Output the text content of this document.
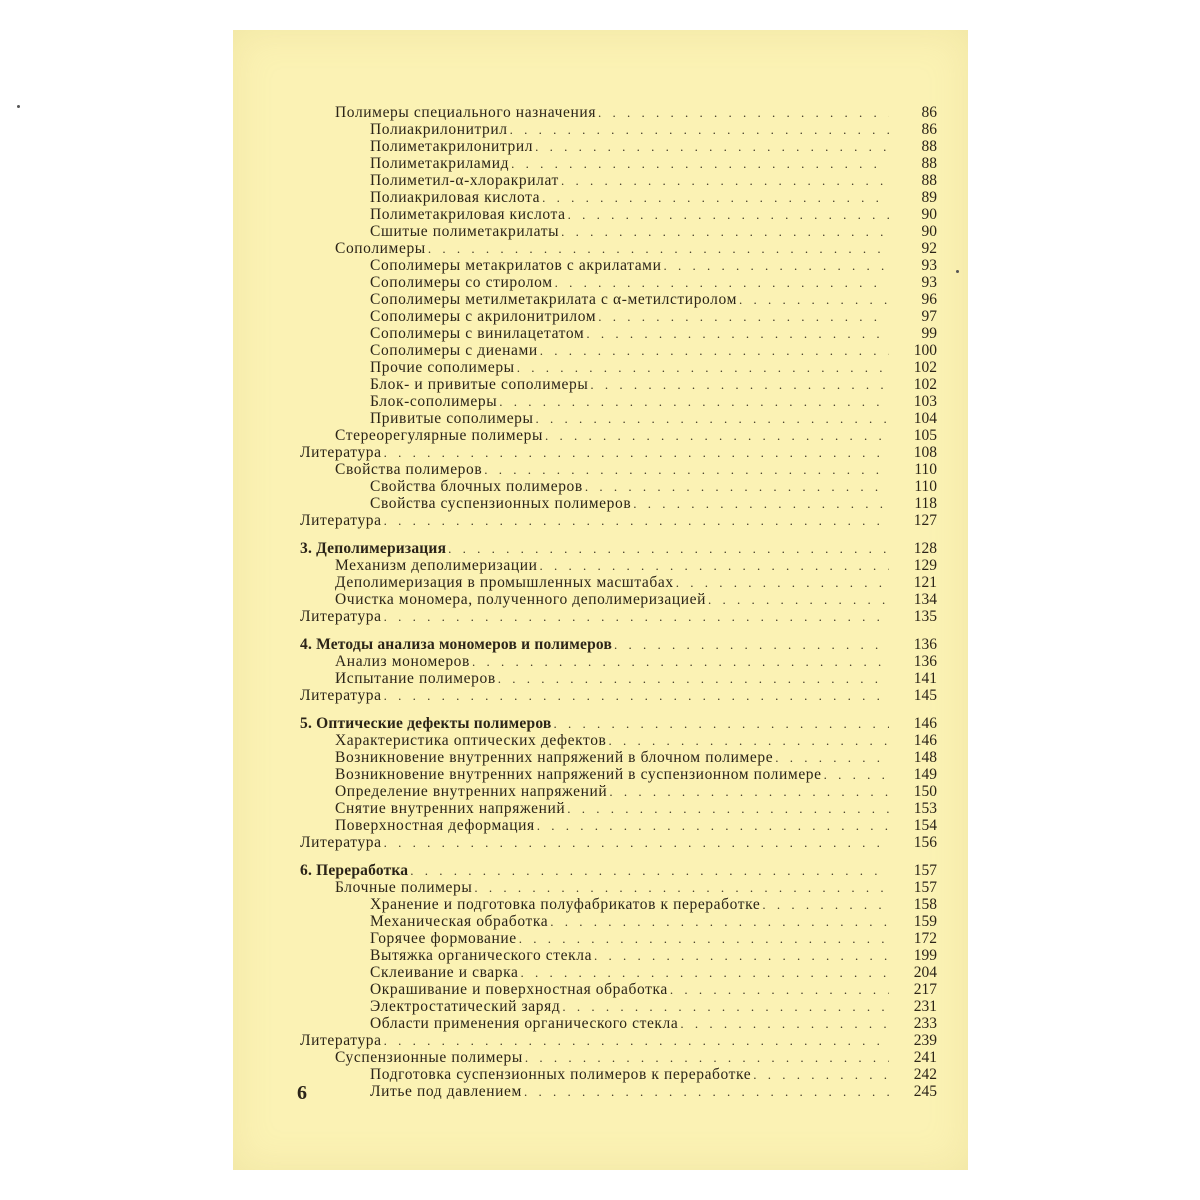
Полимеры специального назначения . . .	86
Полиакрилонитрил . . .	86
Полиметакрилонитрил . . .	88
Полиметакриламид . . .	88
Полиметил-α-хлоракрилат . . .	88
Полиакриловая кислота . . .	89
Полиметакриловая кислота . . .	90
Сшитые полиметакрилаты . . .	90
Сополимеры . . .	92
Сополимеры метакрилатов с акрилатами . . .	93
Сополимеры со стиролом . . .	93
Сополимеры метилметакрилата с α-метилстиролом . . .	96
Сополимеры с акрилонитрилом . . .	97
Сополимеры с винилацетатом . . .	99
Сополимеры с диенами . . .	100
Прочие сополимеры . . .	102
Блок- и привитые сополимеры . . .	102
Блок-сополимеры . . .	103
Привитые сополимеры . . .	104
Стереорегулярные полимеры . . .	105
Литература . . .	108
Свойства полимеров . . .	110
Свойства блочных полимеров . . .	110
Свойства суспензионных полимеров . . .	118
Литература . . .	127
3. Деполимеризация . . .	128
Механизм деполимеризации . . .	129
Деполимеризация в промышленных масштабах . . .	121
Очистка мономера, полученного деполимеризацией . . .	134
Литература . . .	135
4. Методы анализа мономеров и полимеров . . .	136
Анализ мономеров . . .	136
Испытание полимеров . . .	141
Литература . . .	145
5. Оптические дефекты полимеров . . .	146
Характеристика оптических дефектов . . .	146
Возникновение внутренних напряжений в блочном полимере . . .	148
Возникновение внутренних напряжений в суспензионном полимере . . .	149
Определение внутренних напряжений . . .	150
Снятие внутренних напряжений . . .	153
Поверхностная деформация . . .	154
Литература . . .	156
6. Переработка . . .	157
Блочные полимеры . . .	157
Хранение и подготовка полуфабрикатов к переработке . . .	158
Механическая обработка . . .	159
Горячее формование . . .	172
Вытяжка органического стекла . . .	199
Склеивание и сварка . . .	204
Окрашивание и поверхностная обработка . . .	217
Электростатический заряд . . .	231
Области применения органического стекла . . .	233
Литература . . .	239
Суспензионные полимеры . . .	241
Подготовка суспензионных полимеров к переработке . . .	242
Литье под давлением . . .	245
6
